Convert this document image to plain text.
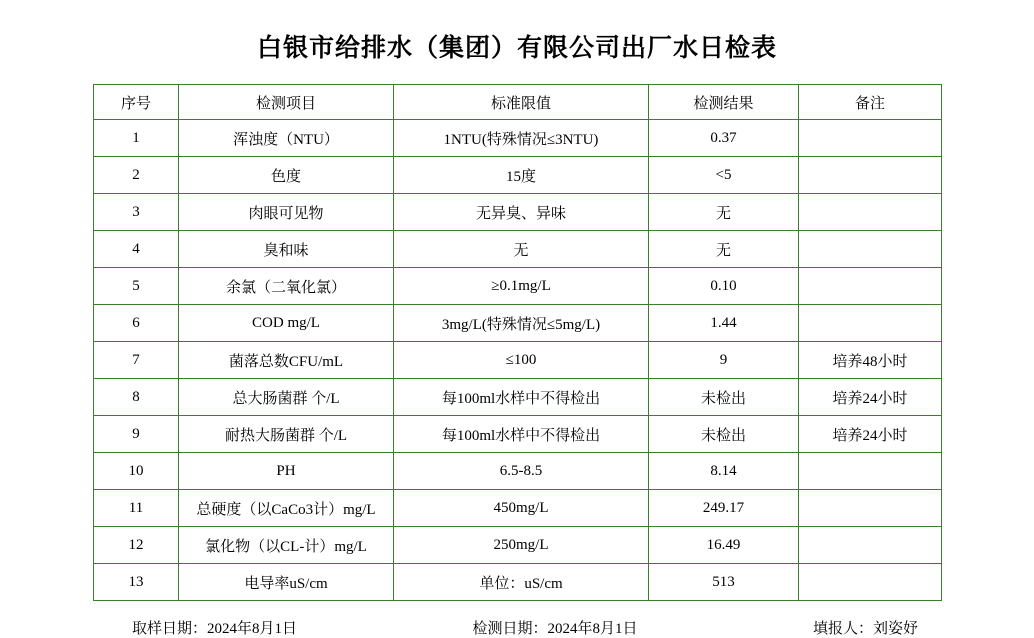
白银市给排水（集团）有限公司出厂水日检表
序号	检测项目	标准限值	检测结果	备注
1	浑浊度（NTU）	1NTU(特殊情况≤3NTU)	0.37	
2	色度	15度	<5	
3	肉眼可见物	无异臭、异味	无	
4	臭和味	无	无	
5	余氯（二氧化氯）	≥0.1mg/L	0.10	
6	COD mg/L	3mg/L(特殊情况≤5mg/L)	1.44	
7	菌落总数CFU/mL	≤100	9	培养48小时
8	总大肠菌群 个/L	每100ml水样中不得检出	未检出	培养24小时
9	耐热大肠菌群 个/L	每100ml水样中不得检出	未检出	培养24小时
10	PH	6.5-8.5	8.14	
11	总硬度（以CaCo3计）mg/L	450mg/L	249.17	
12	氯化物（以CL-计）mg/L	250mg/L	16.49	
13	电导率uS/cm	单位：uS/cm	513	
取样日期：2024年8月1日	检测日期：2024年8月1日	填报人：刘姿妤
